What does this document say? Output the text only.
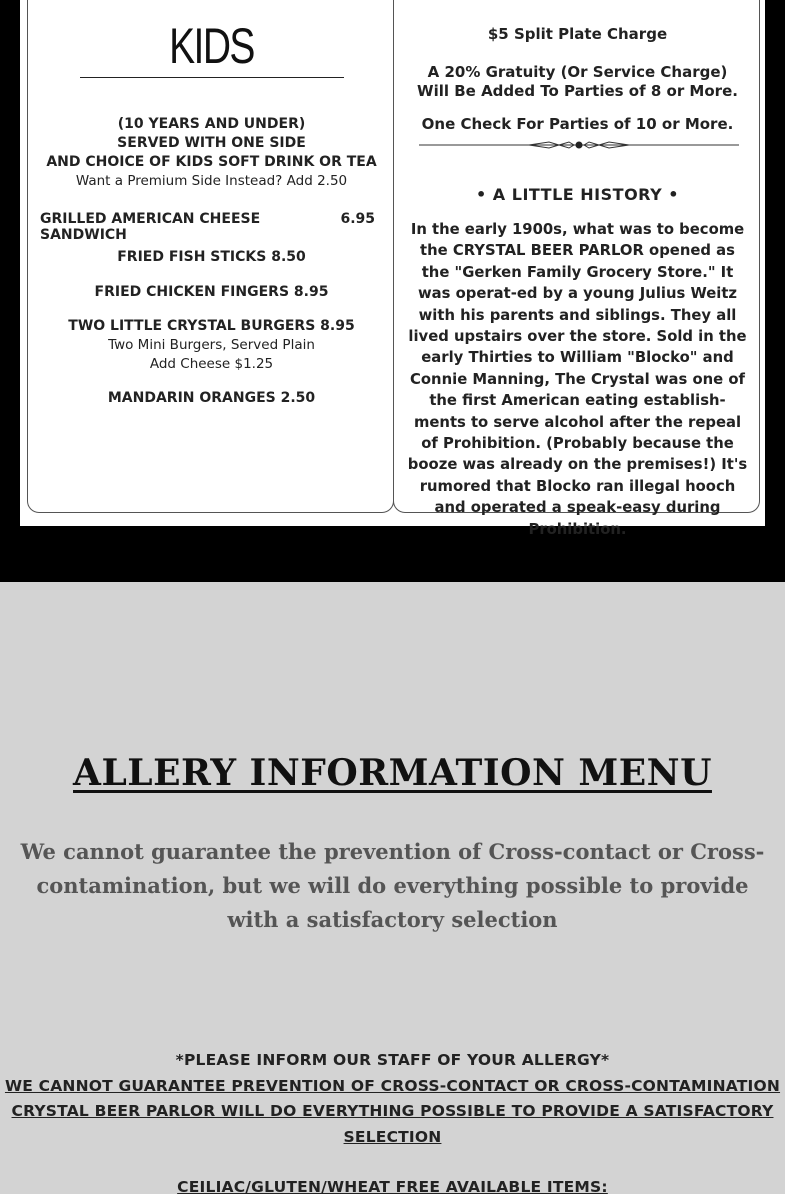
KIDS
(10 YEARS AND UNDER)
SERVED WITH ONE SIDE
AND CHOICE OF KIDS SOFT DRINK OR TEA
Want a Premium Side Instead? Add 2.50
GRILLED AMERICAN CHEESE SANDWICH
6.95
FRIED FISH STICKS 8.50
FRIED CHICKEN FINGERS 8.95
TWO LITTLE CRYSTAL BURGERS 8.95
Two Mini Burgers, Served Plain
Add Cheese $1.25
MANDARIN ORANGES 2.50
$5 Split Plate Charge
A 20% Gratuity (Or Service Charge)
Will Be Added To Parties of 8 or More.
One Check For Parties of 10 or More.
• A LITTLE HISTORY •
In the early 1900s, what was to become the CRYSTAL BEER PARLOR opened as the "Gerken Family Grocery Store." It was operat-ed by a young Julius Weitz with his parents and siblings. They all lived upstairs over the store. Sold in the early Thirties to William "Blocko" and Connie Manning, The Crystal was one of the first American eating establish-ments to serve alcohol after the repeal of Prohibition. (Probably because the booze was already on the premises!) It's rumored that Blocko ran illegal hooch and operated a speak-easy during Prohibition.
ALLERY INFORMATION MENU
We cannot guarantee the prevention of Cross-contact or Cross-contamination, but we will do everything possible to provide with a satisfactory selection
*PLEASE INFORM OUR STAFF OF YOUR ALLERGY*
WE CANNOT GUARANTEE PREVENTION OF CROSS-CONTACT OR CROSS-CONTAMINATION
CRYSTAL BEER PARLOR WILL DO EVERYTHING POSSIBLE TO PROVIDE A SATISFACTORY
SELECTION
CEILIAC/GLUTEN/WHEAT FREE AVAILABLE ITEMS:
